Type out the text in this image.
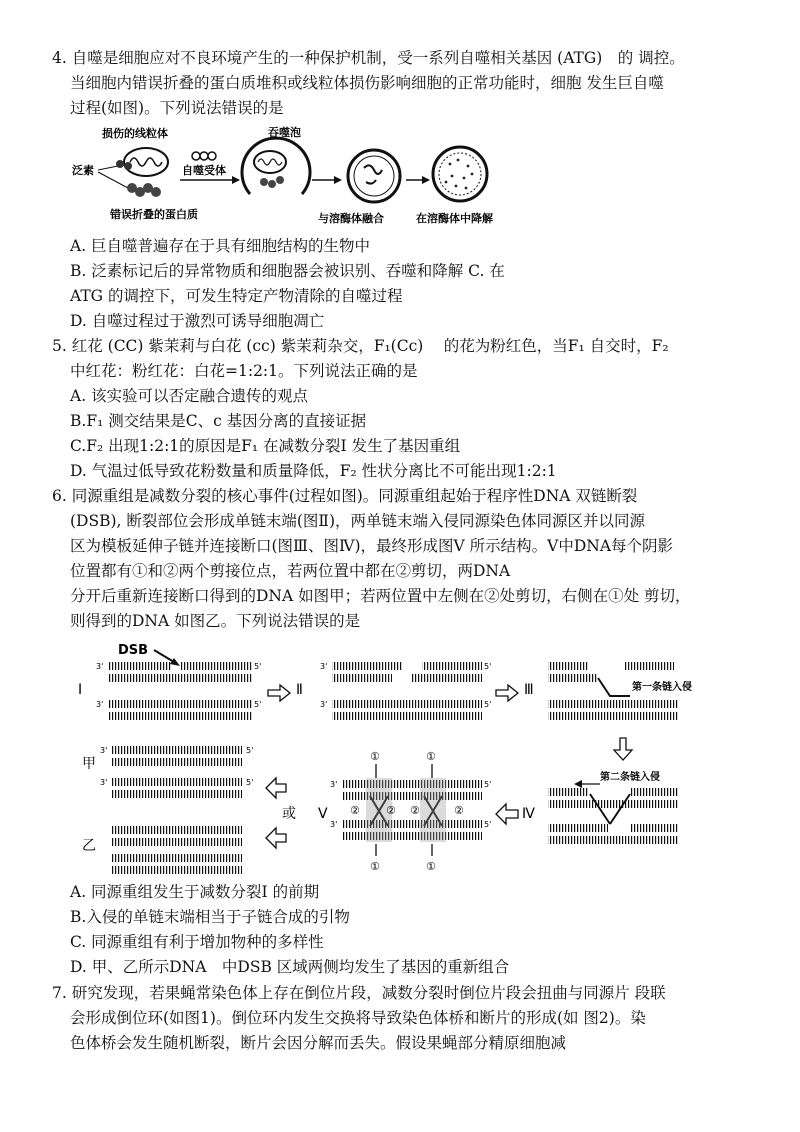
4. 自噬是细胞应对不良环境产生的一种保护机制，受一系列自噬相关基因 (ATG)　的 调控。
当细胞内错误折叠的蛋白质堆积或线粒体损伤影响细胞的正常功能时，细胞 发生巨自噬
过程(如图)。下列说法错误的是
损伤的线粒体
泛素
错误折叠的蛋白质
自噬受体
吞噬泡
与溶酶体融合	在溶酶体中降解
A. 巨自噬普遍存在于具有细胞结构的生物中
B. 泛素标记后的异常物质和细胞器会被识别、吞噬和降解 C. 在
ATG 的调控下，可发生特定产物清除的自噬过程
D. 自噬过程过于激烈可诱导细胞凋亡
5. 红花 (CC) 紫茉莉与白花 (cc) 紫茉莉杂交，F₁(Cc)　 的花为粉红色，当F₁ 自交时，F₂
中红花：粉红花：白花=1:2:1。下列说法正确的是
A. 该实验可以否定融合遗传的观点
B.F₁ 测交结果是C、c 基因分离的直接证据
C.F₂ 出现1:2:1的原因是F₁ 在减数分裂I 发生了基因重组
D. 气温过低导致花粉数量和质量降低，F₂ 性状分离比不可能出现1:2:1
6. 同源重组是减数分裂的核心事件(过程如图)。同源重组起始于程序性DNA 双链断裂
(DSB), 断裂部位会形成单链末端(图Ⅱ)，两单链末端入侵同源染色体同源区并以同源
区为模板延伸子链并连接断口(图Ⅲ、图Ⅳ)，最终形成图Ⅴ 所示结构。Ⅴ中DNA每个阴影
位置都有①和②两个剪接位点，若两位置中都在②剪切，两DNA
分开后重新连接断口得到的DNA 如图甲；若两位置中左侧在②处剪切，右侧在①处 剪切，
则得到的DNA 如图乙。下列说法错误的是
DSB
Ⅰ
3'	5'
3'	5'
Ⅱ
3'	5'
3'	5'
Ⅲ	第一条链入侵
甲
3'	5'
3'	5'
乙
或 Ⅴ
①	①
② ② ②	②
①	①
3'	5'
3'	5'
Ⅳ
第二条链入侵
A. 同源重组发生于减数分裂I 的前期
B.入侵的单链末端相当于子链合成的引物
C. 同源重组有利于增加物种的多样性
D. 甲、乙所示DNA　中DSB 区域两侧均发生了基因的重新组合
7. 研究发现，若果蝇常染色体上存在倒位片段，减数分裂时倒位片段会扭曲与同源片 段联
会形成倒位环(如图1)。倒位环内发生交换将导致染色体桥和断片的形成(如 图2)。染
色体桥会发生随机断裂，断片会因分解而丢失。假设果蝇部分精原细胞减
